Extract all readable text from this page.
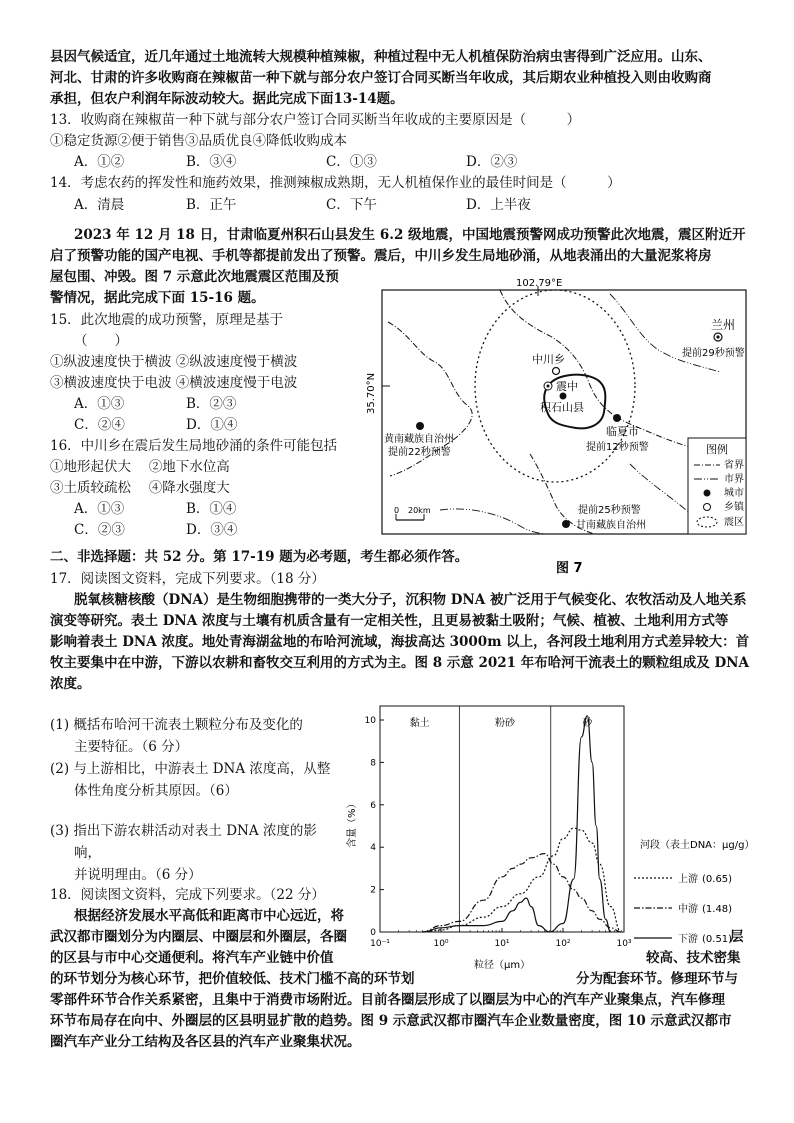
县因气候适宜，近几年通过土地流转大规模种植辣椒，种植过程中无人机植保防治病虫害得到广泛应用。山东、
河北、甘肃的许多收购商在辣椒苗一种下就与部分农户签订合同买断当年收成，其后期农业种植投入则由收购商
承担，但农户利润年际波动较大。据此完成下面13-14题。
13．收购商在辣椒苗一种下就与部分农户签订合同买断当年收成的主要原因是（　　　）
①稳定货源②便于销售③品质优良④降低收购成本
A．①②	B．③④	C．①③	D．②③
14．考虑农药的挥发性和施药效果，推测辣椒成熟期，无人机植保作业的最佳时间是（　　　）
A．清晨	B．正午	C．下午	D．上半夜
2023 年 12 月 18 日，甘肃临夏州积石山县发生 6.2 级地震，中国地震预警网成功预警此次地震，震区附近开
启了预警功能的国产电视、手机等都提前发出了预警。震后，中川乡发生局地砂涌，从地表涌出的大量泥浆将房
屋包围、冲毁。图 7 示意此次地震震区范围及预
警情况，据此完成下面 15-16 题。
15．此次地震的成功预警，原理是基于
（　　）
①纵波速度快于横波 ②纵波速度慢于横波
③横波速度快于电波 ④横波速度慢于电波
A．①③	B．②③
C．②④	D．①④
16．中川乡在震后发生局地砂涌的条件可能包括
①地形起伏大　 ②地下水位高
③土质较疏松　 ④降水强度大
A．①③	B．①④
C．②③	D．③④
102.79°E
35.70°N
中川乡
震中
积石山县
临夏市
提前12秒预警
兰州
提前29秒预警
黄南藏族自治州
提前22秒预警
甘南藏族自治州
提前25秒预警
0 20km
图例
省界
市界
城市
乡镇
震区
图 7
二、非选择题：共 52 分。第 17-19 题为必考题，考生都必须作答。
17．阅读图文资料，完成下列要求。（18 分）
脱氧核糖核酸（DNA）是生物细胞携带的一类大分子，沉积物 DNA 被广泛用于气候变化、农牧活动及人地关系
演变等研究。表土 DNA 浓度与土壤有机质含量有一定相关性，且更易被黏土吸附；气候、植被、土地利用方式等
影响着表土 DNA 浓度。地处青海湖盆地的布哈河流域，海拔高达 3000m 以上，各河段土地利用方式差异较大：首
牧主要集中在中游，下游以农耕和畜牧交互利用的方式为主。图 8 示意 2021 年布哈河干流表土的颗粒组成及 DNA
浓度。
(1) 概括布哈河干流表土颗粒分布及变化的
主要特征。（6 分）
(2) 与上游相比，中游表土 DNA 浓度高，从整
体性角度分析其原因。（6）
(3) 指出下游农耕活动对表土 DNA 浓度的影
响，
并说明理由。（6 分）
黏土	粉砂	砂
0
2
4
6
8
10
10⁻¹	10⁰	10¹	10²	10³
含量（%）
粒径（μm）
河段（表土DNA：μg/g）
上游 (0.65)
中游 (1.48)
下游 (0.51)
18．阅读图文资料，完成下列要求。（22 分）
根据经济发展水平高低和距离市中心远近，将
武汉都市圈划分为内圈层、中圈层和外圈层，各圈	层
的区县与市中心交通便利。将汽车产业链中价值	较高、技术密集
的环节划分为核心环节，把价值较低、技术门槛不高的环节划	分为配套环节。修理环节与
零部件环节合作关系紧密，且集中于消费市场附近。目前各圈层形成了以圈层为中心的汽车产业聚集点，汽车修理
环节布局存在向中、外圈层的区县明显扩散的趋势。图 9 示意武汉都市圈汽车企业数量密度，图 10 示意武汉都市
圈汽车产业分工结构及各区县的汽车产业聚集状况。
